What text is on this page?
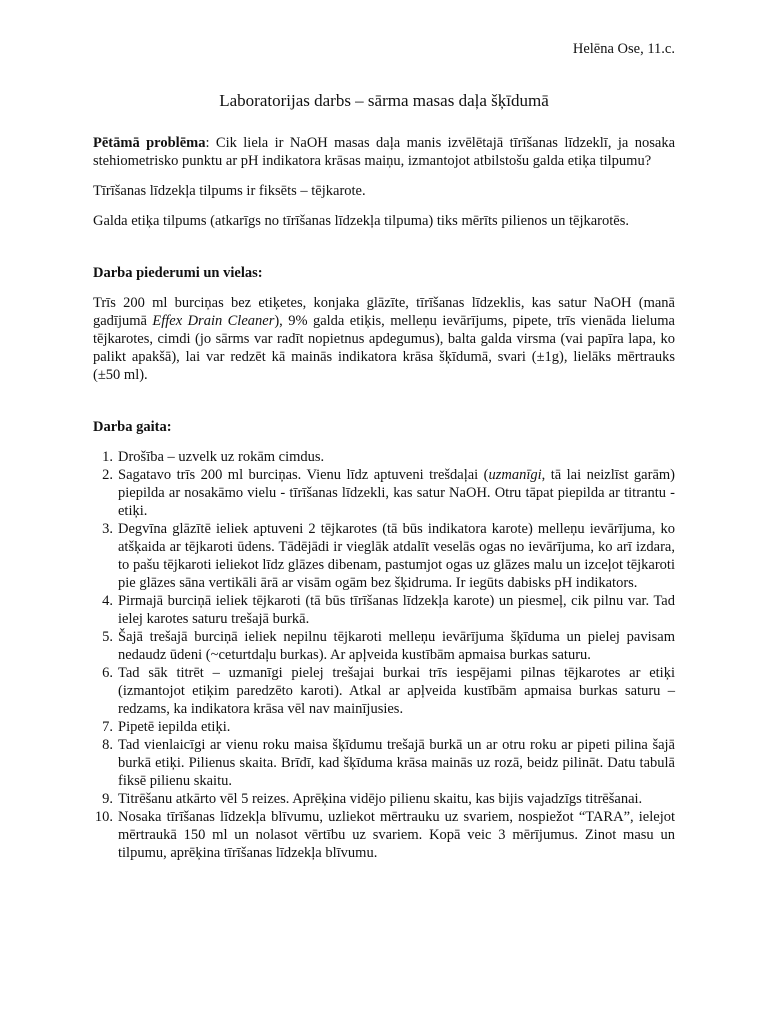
Helēna Ose, 11.c.

Laboratorijas darbs – sārma masas daļa šķīdumā

Pētāmā problēma: Cik liela ir NaOH masas daļa manis izvēlētajā tīrīšanas līdzeklī, ja nosaka stehiometrisko punktu ar pH indikatora krāsas maiņu, izmantojot atbilstošu galda etiķa tilpumu?

Tīrīšanas līdzekļa tilpums ir fiksēts – tējkarote.

Galda etiķa tilpums (atkarīgs no tīrīšanas līdzekļa tilpuma) tiks mērīts pilienos un tējkarotēs.

Darba piederumi un vielas:

Trīs 200 ml burciņas bez etiķetes, konjaka glāzīte, tīrīšanas līdzeklis, kas satur NaOH (manā gadījumā Effex Drain Cleaner), 9% galda etiķis, melleņu ievārījums, pipete, trīs vienāda lieluma tējkarotes, cimdi (jo sārms var radīt nopietnus apdegumus), balta galda virsma (vai papīra lapa, ko palikt apakšā), lai var redzēt kā mainās indikatora krāsa šķīdumā, svari (±1g), lielāks mērtrauks (±50 ml).

Darba gaita:

1. Drošība – uzvelk uz rokām cimdus.
2. Sagatavo trīs 200 ml burciņas. Vienu līdz aptuveni trešdaļai (uzmanīgi, tā lai neizlīst garām) piepilda ar nosakāmo vielu - tīrīšanas līdzekli, kas satur NaOH. Otru tāpat piepilda ar titrantu - etiķi.
3. Degvīna glāzītē ieliek aptuveni 2 tējkarotes (tā būs indikatora karote) melleņu ievārījuma, ko atšķaida ar tējkaroti ūdens. Tādējādi ir vieglāk atdalīt veselās ogas no ievārījuma, ko arī izdara, to pašu tējkaroti ieliekot līdz glāzes dibenam, pastumjot ogas uz glāzes malu un izceļot tējkaroti pie glāzes sāna vertikāli ārā ar visām ogām bez šķidruma. Ir iegūts dabisks pH indikators.
4. Pirmajā burciņā ieliek tējkaroti (tā būs tīrīšanas līdzekļa karote) un piesmeļ, cik pilnu var. Tad ielej karotes saturu trešajā burkā.
5. Šajā trešajā burciņā ieliek nepilnu tējkaroti melleņu ievārījuma šķīduma un pielej pavisam nedaudz ūdeni (~ceturtdaļu burkas). Ar apļveida kustībām apmaisa burkas saturu.
6. Tad sāk titrēt – uzmanīgi pielej trešajai burkai trīs iespējami pilnas tējkarotes ar etiķi (izmantojot etiķim paredzēto karoti). Atkal ar apļveida kustībām apmaisa burkas saturu – redzams, ka indikatora krāsa vēl nav mainījusies.
7. Pipetē iepilda etiķi.
8. Tad vienlaicīgi ar vienu roku maisa šķīdumu trešajā burkā un ar otru roku ar pipeti pilina šajā burkā etiķi. Pilienus skaita. Brīdī, kad šķīduma krāsa mainās uz rozā, beidz pilināt. Datu tabulā fiksē pilienu skaitu.
9. Titrēšanu atkārto vēl 5 reizes. Aprēķina vidējo pilienu skaitu, kas bijis vajadzīgs titrēšanai.
10. Nosaka tīrīšanas līdzekļa blīvumu, uzliekot mērtrauku uz svariem, nospiežot “TARA”, ielejot mērtraukā 150 ml un nolasot vērtību uz svariem. Kopā veic 3 mērījumus. Zinot masu un tilpumu, aprēķina tīrīšanas līdzekļa blīvumu.
